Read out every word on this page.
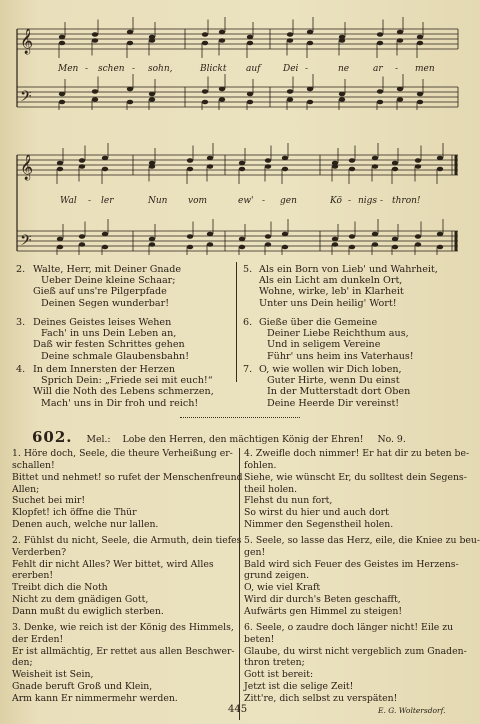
𝄞
𝄢
Men - schen - sohn,	Blickt auf	Dei -	ne	ar - men
𝄞
𝄢
Wal - ler	Nun vom	ew' - gen	Kö - nigs - thron!
2. Walte, Herr, mit Deiner Gnade
Ueber Deine kleine Schaar;
Gieß auf uns're Pilgerpfade
Deinen Segen wunderbar!
3. Deines Geistes leises Wehen
Fach' in uns Dein Leben an,
Daß wir festen Schrittes gehen
Deine schmale Glaubensbahn!
4. In dem Innersten der Herzen
Sprich Dein: „Friede sei mit euch!“
Will die Noth des Lebens schmerzen,
Mach' uns in Dir froh und reich!
5. Als ein Born von Lieb' und Wahrheit,
Als ein Licht am dunkeln Ort,
Wohne, wirke, leb' in Klarheit
Unter uns Dein heilig' Wort!
6. Gieße über die Gemeine
Deiner Liebe Reichthum aus,
Und in seligem Vereine
Führ' uns heim ins Vaterhaus!
7. O, wie wollen wir Dich loben,
Guter Hirte, wenn Du einst
In der Mutterstadt dort Oben
Deine Heerde Dir vereinst!
602. Mel.: Lobe den Herren, den mächtigen König der Ehren! No. 9.
1. Höre doch, Seele, die theure Verheißung er-
schallen!
Bittet und nehmet! so rufet der Menschenfreund
Allen;
Suchet bei mir!
Klopfet! ich öffne die Thür
Denen auch, welche nur lallen.
2. Fühlst du nicht, Seele, die Armuth, dein tiefes
Verderben?
Fehlt dir nicht Alles? Wer bittet, wird Alles
ererben!
Treibt dich die Noth
Nicht zu dem gnädigen Gott,
Dann mußt du ewiglich sterben.
3. Denke, wie reich ist der König des Himmels,
der Erden!
Er ist allmächtig, Er rettet aus allen Beschwer-
den;
Weisheit ist Sein,
Gnade beruft Groß und Klein,
Arm kann Er nimmermehr werden.
4. Zweifle doch nimmer! Er hat dir zu beten be-
fohlen.
Siehe, wie wünscht Er, du solltest dein Segens-
theil holen.
Flehst du nun fort,
So wirst du hier und auch dort
Nimmer den Segenstheil holen.
5. Seele, so lasse das Herz, eile, die Kniee zu beu-
gen!
Bald wird sich Feuer des Geistes im Herzens-
grund zeigen.
O, wie viel Kraft
Wird dir durch's Beten geschafft,
Aufwärts gen Himmel zu steigen!
6. Seele, o zaudre doch länger nicht! Eile zu
beten!
Glaube, du wirst nicht vergeblich zum Gnaden-
thron treten;
Gott ist bereit:
Jetzt ist die selige Zeit!
Zitt're, dich selbst zu verspäten!
445	E. G. Woltersdorf.
